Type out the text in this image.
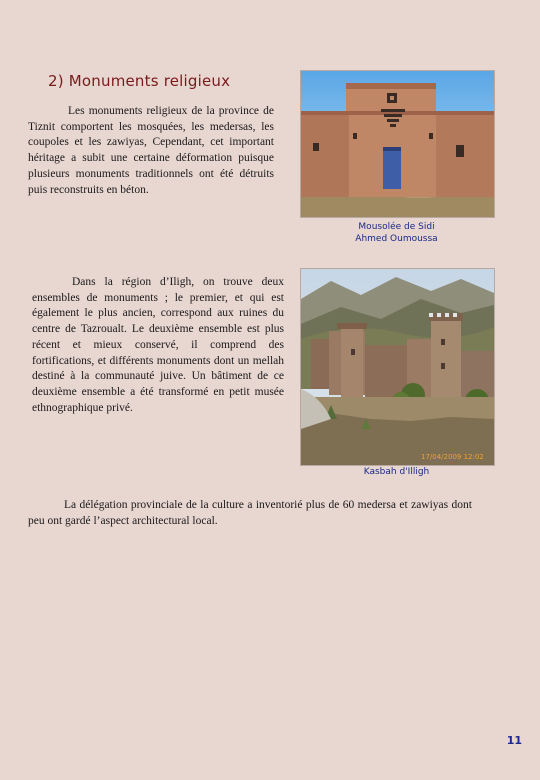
2) Monuments religieux

Les monuments religieux de la province de Tiznit comportent les mosquées, les medersas, les coupoles et les zawiyas, Cependant, cet important héritage a subit une certaine déformation puisque plusieurs monuments traditionnels ont été détruits puis reconstruits en béton.

Mousolée de Sidi
Ahmed Oumoussa

Dans la région d’Iligh, on trouve deux ensembles de monuments ; le premier, et qui est également le plus ancien, correspond aux ruines du centre de Tazroualt. Le deuxième ensemble est plus récent et mieux conservé, il comprend des fortifications, et différents monuments dont un mellah destiné à la communauté juive. Un bâtiment de ce deuxième ensemble a été transformé en petit musée ethnographique privé.

17/04/2009 12:02
Kasbah d'Illigh

La délégation provinciale de la culture a inventorié plus de 60 medersa et zawiyas dont peu ont gardé l’aspect architectural local.

11
